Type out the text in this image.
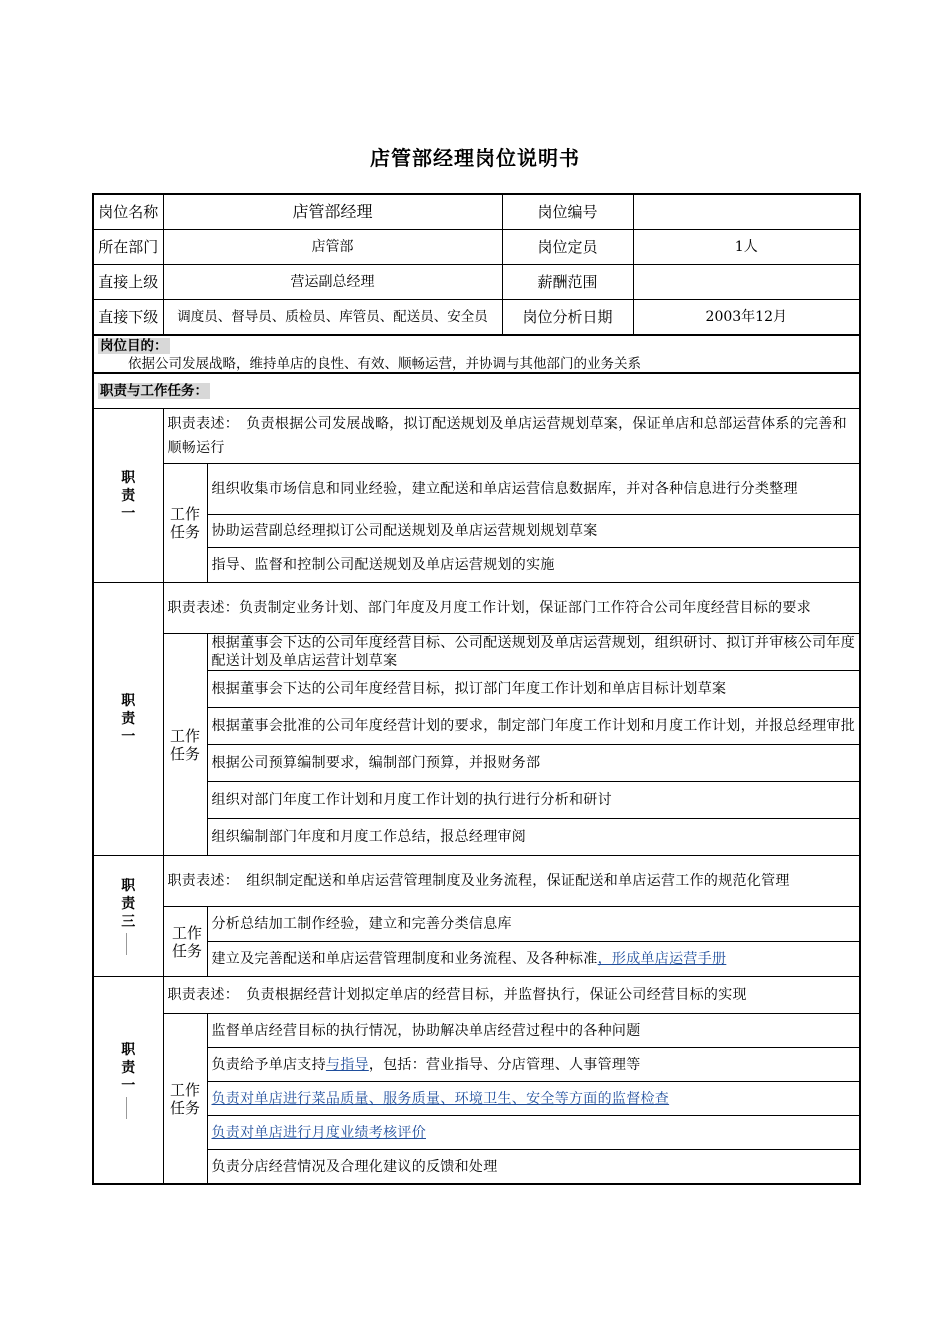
店管部经理岗位说明书
岗位名称	店管部经理		岗位编号	
所在部门	店管部		岗位定员	1人
直接上级	营运副总经理		薪酬范围	
直接下级	调度员、督导员、质检员、库管员、配送员、安全员		岗位分析日期	2003年12月

岗位目的：
依据公司发展战略，维持单店的良性、有效、顺畅运营，并协调与其他部门的业务关系				

职责与工作任务：				

职
责
一	职责表述：　负责根据公司发展战略，拟订配送规划及单店运营规划草案，保证单店和总部运营体系的完善和顺畅运行			
	工作任务	组织收集市场信息和同业经验，建立配送和单店运营信息数据库，并对各种信息进行分类整理		
		协助运营副总经理拟订公司配送规划及单店运营规划规划草案		
		指导、监督和控制公司配送规划及单店运营规划的实施		

职
责
一	职责表述：负责制定业务计划、部门年度及月度工作计划，保证部门工作符合公司年度经营目标的要求			
	工作任务	根据董事会下达的公司年度经营目标、公司配送规划及单店运营规划，组织研讨、拟订并审核公司年度配送计划及单店运营计划草案		
		根据董事会下达的公司年度经营目标，拟订部门年度工作计划和单店目标计划草案		
		根据董事会批准的公司年度经营计划的要求，制定部门年度工作计划和月度工作计划，并报总经理审批		
		根据公司预算编制要求，编制部门预算，并报财务部		
		组织对部门年度工作计划和月度工作计划的执行进行分析和研讨		
		组织编制部门年度和月度工作总结，报总经理审阅		

职
责
三	职责表述：　组织制定配送和单店运营管理制度及业务流程，保证配送和单店运营工作的规范化管理			
	工作任务	分析总结加工制作经验，建立和完善分类信息库		
		建立及完善配送和单店运营管理制度和业务流程、及各种标准，形成单店运营手册		

职
责
一	职责表述：　负责根据经营计划拟定单店的经营目标，并监督执行，保证公司经营目标的实现			
	工作任务	监督单店经营目标的执行情况，协助解决单店经营过程中的各种问题		
		负责给予单店支持与指导，包括：营业指导、分店管理、人事管理等		
		负责对单店进行菜品质量、服务质量、环境卫生、安全等方面的监督检查		
		负责对单店进行月度业绩考核评价		
		负责分店经营情况及合理化建议的反馈和处理		
